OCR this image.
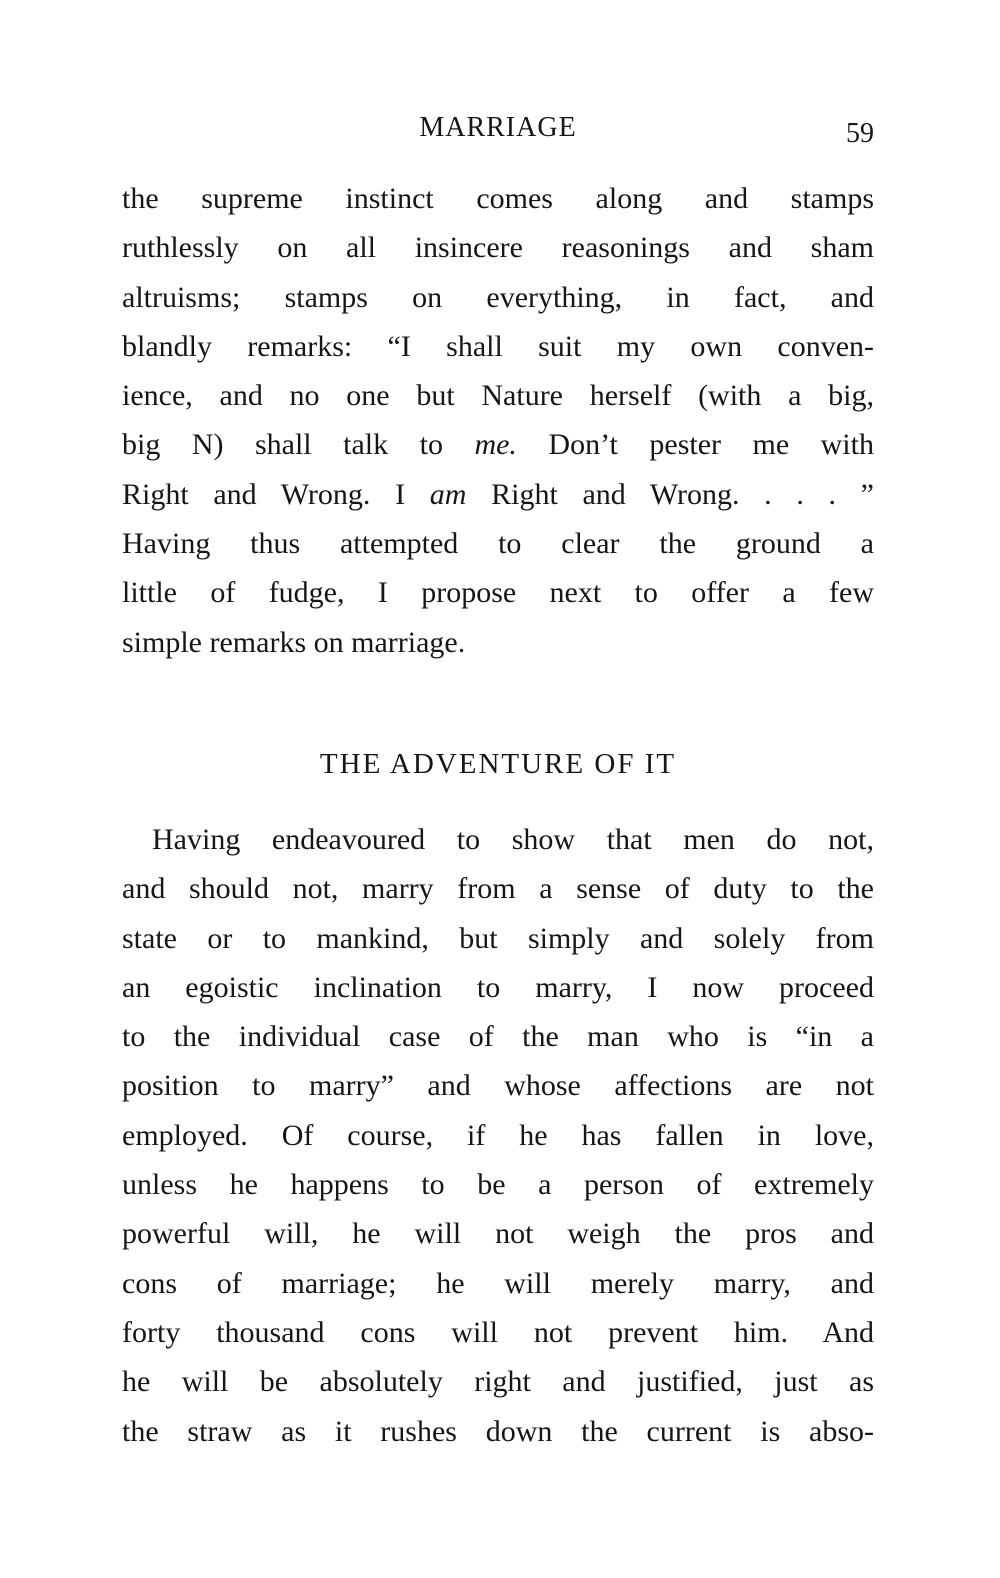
MARRIAGE	59
the supreme instinct comes along and stamps
ruthlessly on all insincere reasonings and sham
altruisms; stamps on everything, in fact, and
blandly remarks: “I shall suit my own conven-
ience, and no one but Nature herself (with a big,
big N) shall talk to me. Don’t pester me with
Right and Wrong. I am Right and Wrong. . . . ”
Having thus attempted to clear the ground a
little of fudge, I propose next to offer a few
simple remarks on marriage.
THE ADVENTURE OF IT
Having endeavoured to show that men do not,
and should not, marry from a sense of duty to the
state or to mankind, but simply and solely from
an egoistic inclination to marry, I now proceed
to the individual case of the man who is “in a
position to marry” and whose affections are not
employed. Of course, if he has fallen in love,
unless he happens to be a person of extremely
powerful will, he will not weigh the pros and
cons of marriage; he will merely marry, and
forty thousand cons will not prevent him. And
he will be absolutely right and justified, just as
the straw as it rushes down the current is abso-
